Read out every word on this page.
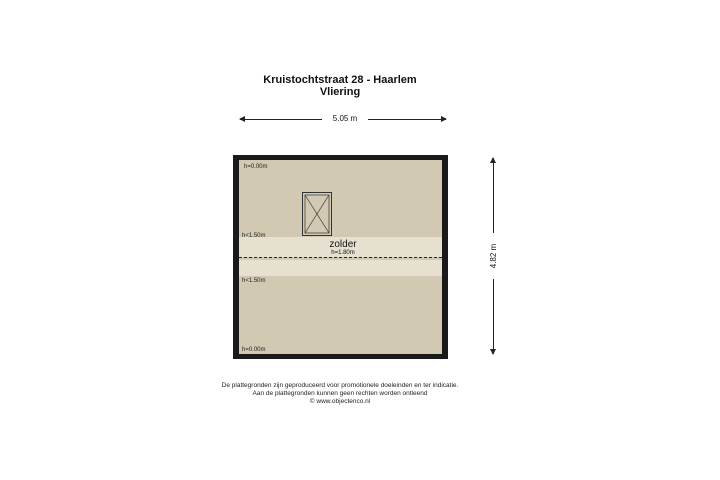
Kruistochtstraat 28 - Haarlem
Vliering
5.05 m
4.82 m
h=0.00m
h<1.50m
h<1.50m
h=0.00m
zolder
h=1.80m
De plattegronden zijn geproduceerd voor promotionele doeleinden en ter indicatie.
Aan de plattegronden kunnen geen rechten worden ontleend
© www.objectenco.nl
